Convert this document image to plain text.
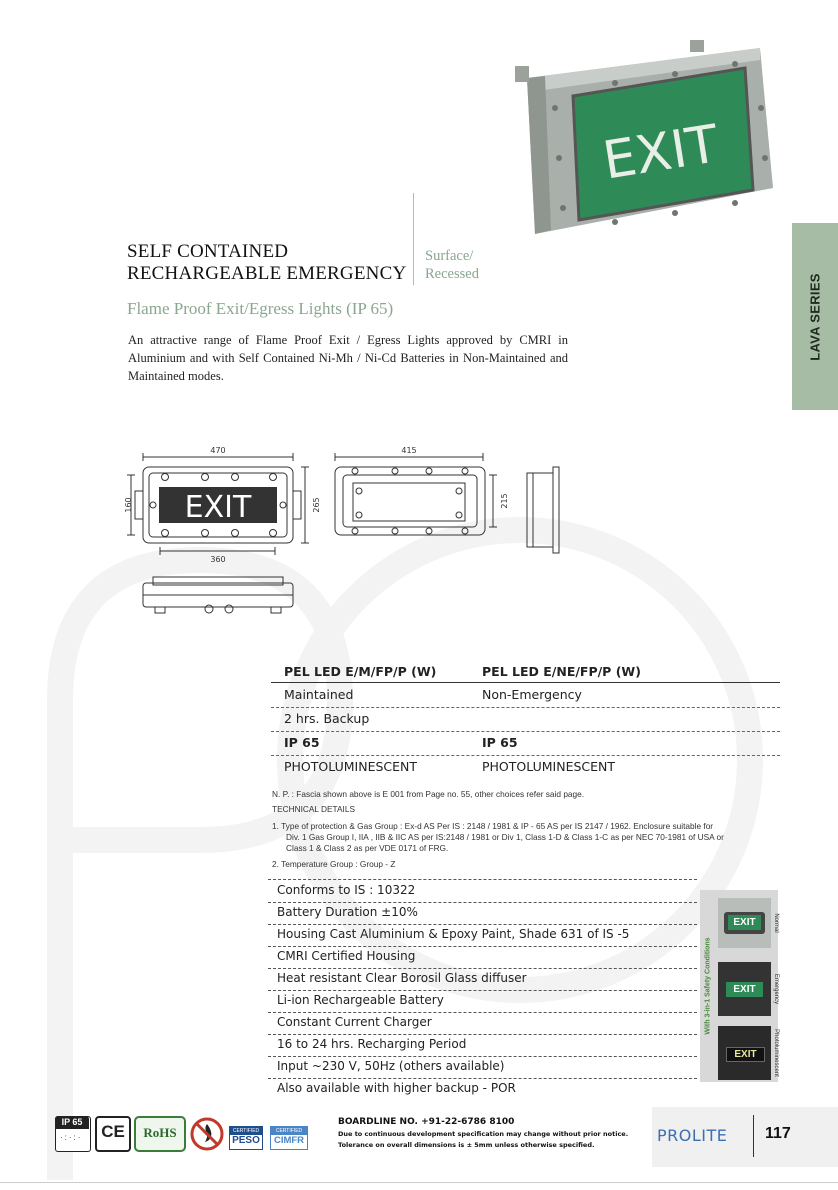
LAVA SERIES
EXIT
SELF CONTAINED
RECHARGEABLE EMERGENCY
Surface/
Recessed
Flame Proof Exit/Egress Lights (IP 65)
An attractive range of Flame Proof Exit / Egress Lights approved by CMRI in Aluminium and with Self Contained Ni-Mh / Ni-Cd Batteries in Non-Maintained and Maintained modes.
EXIT
470
160	265
360
415
215
PEL LED E/M/FP/P (W)	PEL LED E/NE/FP/P (W)
Maintained	Non-Emergency
2 hrs. Backup
IP 65	IP 65
PHOTOLUMINESCENT	PHOTOLUMINESCENT
N. P. : Fascia shown above is E 001 from Page no. 55, other choices refer said page.
TECHNICAL DETAILS
1. Type of protection & Gas Group : Ex-d AS Per IS : 2148 / 1981 & IP - 65 AS per IS 2147 / 1962. Enclosure suitable for
Div. 1 Gas Group I, IIA , IIB & IIC AS per IS:2148 / 1981 or Div 1, Class 1-D & Class 1-C as per NEC 70-1981 of USA or
Class 1 & Class 2 as per VDE 0171 of FRG.
2. Temperature Group : Group - Z
Conforms to IS : 10322
Battery Duration ±10%
Housing Cast Aluminium & Epoxy Paint, Shade 631 of IS -5
CMRI Certified Housing
Heat resistant Clear Borosil Glass diffuser
Li-ion Rechargeable Battery
Constant Current Charger
16 to 24 hrs. Recharging Period
Input ~230 V, 50Hz (others available)
Also available with higher backup - POR
With 3-in-1 Safety Conditions
EXIT	Normal
EXIT	Emergency
EXIT	Photoluminescent
IP 65
·:·:·	CE	RoHS	CERTIFIED
PESO
CERTIFIED
CIMFR
BOARDLINE NO. +91-22-6786 8100
Due to continuous development specification may change without prior notice.
Tolerance on overall dimensions is ± 5mm unless otherwise specified.	PROLITE 117
